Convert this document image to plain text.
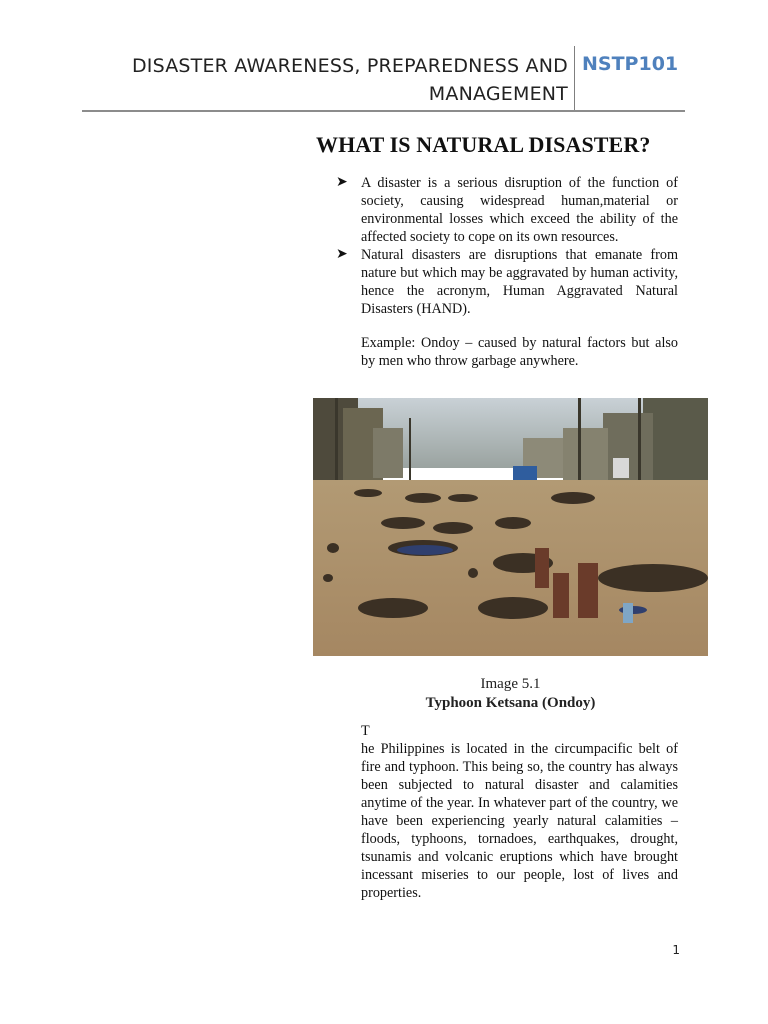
DISASTER AWARENESS, PREPAREDNESS AND MANAGEMENT
NSTP101
WHAT IS NATURAL DISASTER?
➤ A disaster is a serious disruption of the function of society, causing widespread human,material or environmental losses which exceed the ability of the affected society to cope on its own resources.
➤ Natural disasters are disruptions that emanate from nature but which may be aggravated by human activity, hence the acronym, Human Aggravated Natural Disasters (HAND).

Example: Ondoy – caused by natural factors but also by men who throw garbage anywhere.

Image 5.1
Typhoon Ketsana (Ondoy)
T

he Philippines is located in the circumpacific belt of fire and typhoon. This being so, the country has always been subjected to natural disaster and calamities anytime of the year. In whatever part of the country, we have been experiencing yearly natural calamities – floods, typhoons, tornadoes, earthquakes, drought, tsunamis and volcanic eruptions which have brought incessant miseries to our people, lost of lives and properties.

1
